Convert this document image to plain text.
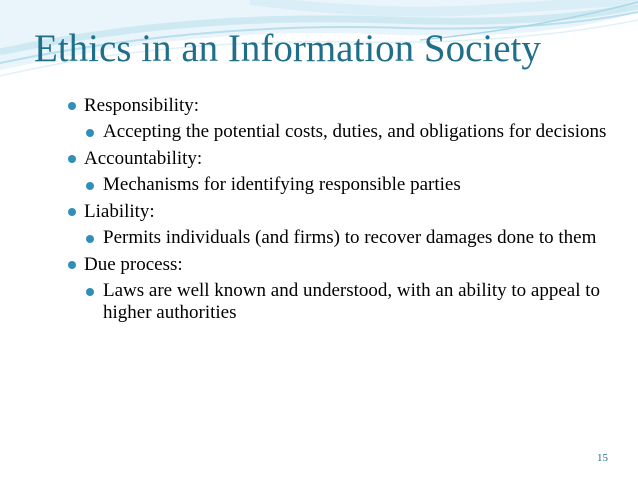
Ethics in an Information Society
Responsibility:
Accepting the potential costs, duties, and obligations for decisions
Accountability:
Mechanisms for identifying responsible parties
Liability:
Permits individuals (and firms) to recover damages done to them
Due process:
Laws are well known and understood, with an ability to appeal to higher authorities
15
